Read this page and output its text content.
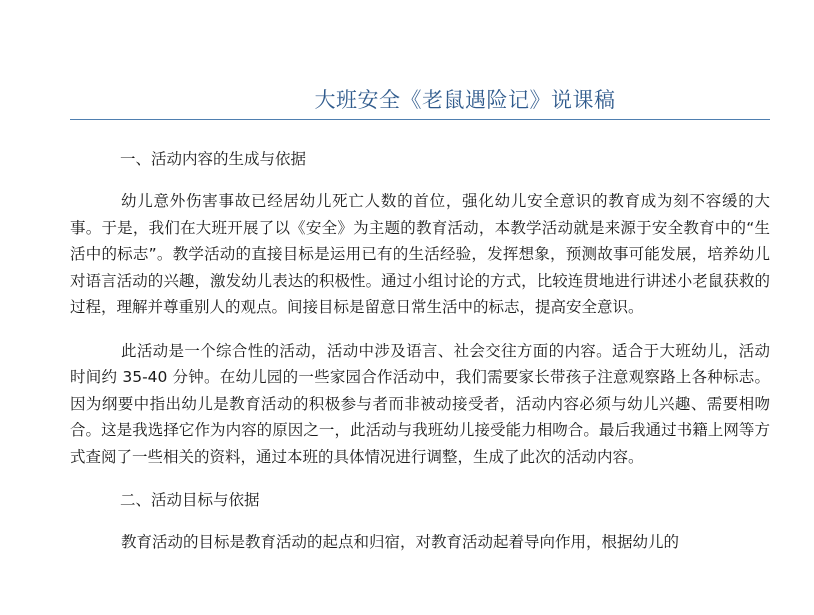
大班安全《老鼠遇险记》说课稿
一、活动内容的生成与依据

幼儿意外伤害事故已经居幼儿死亡人数的首位，强化幼儿安全意识的教育成为刻不容缓的大事。于是，我们在大班开展了以《安全》为主题的教育活动，本教学活动就是来源于安全教育中的“生活中的标志”。教学活动的直接目标是运用已有的生活经验，发挥想象，预测故事可能发展，培养幼儿对语言活动的兴趣，激发幼儿表达的积极性。通过小组讨论的方式，比较连贯地进行讲述小老鼠获救的过程，理解并尊重别人的观点。间接目标是留意日常生活中的标志，提高安全意识。

此活动是一个综合性的活动，活动中涉及语言、社会交往方面的内容。适合于大班幼儿，活动时间约 35-40 分钟。在幼儿园的一些家园合作活动中，我们需要家长带孩子注意观察路上各种标志。因为纲要中指出幼儿是教育活动的积极参与者而非被动接受者，活动内容必须与幼儿兴趣、需要相吻合。这是我选择它作为内容的原因之一，此活动与我班幼儿接受能力相吻合。最后我通过书籍上网等方式查阅了一些相关的资料，通过本班的具体情况进行调整，生成了此次的活动内容。

二、活动目标与依据

教育活动的目标是教育活动的起点和归宿，对教育活动起着导向作用，根据幼儿的
